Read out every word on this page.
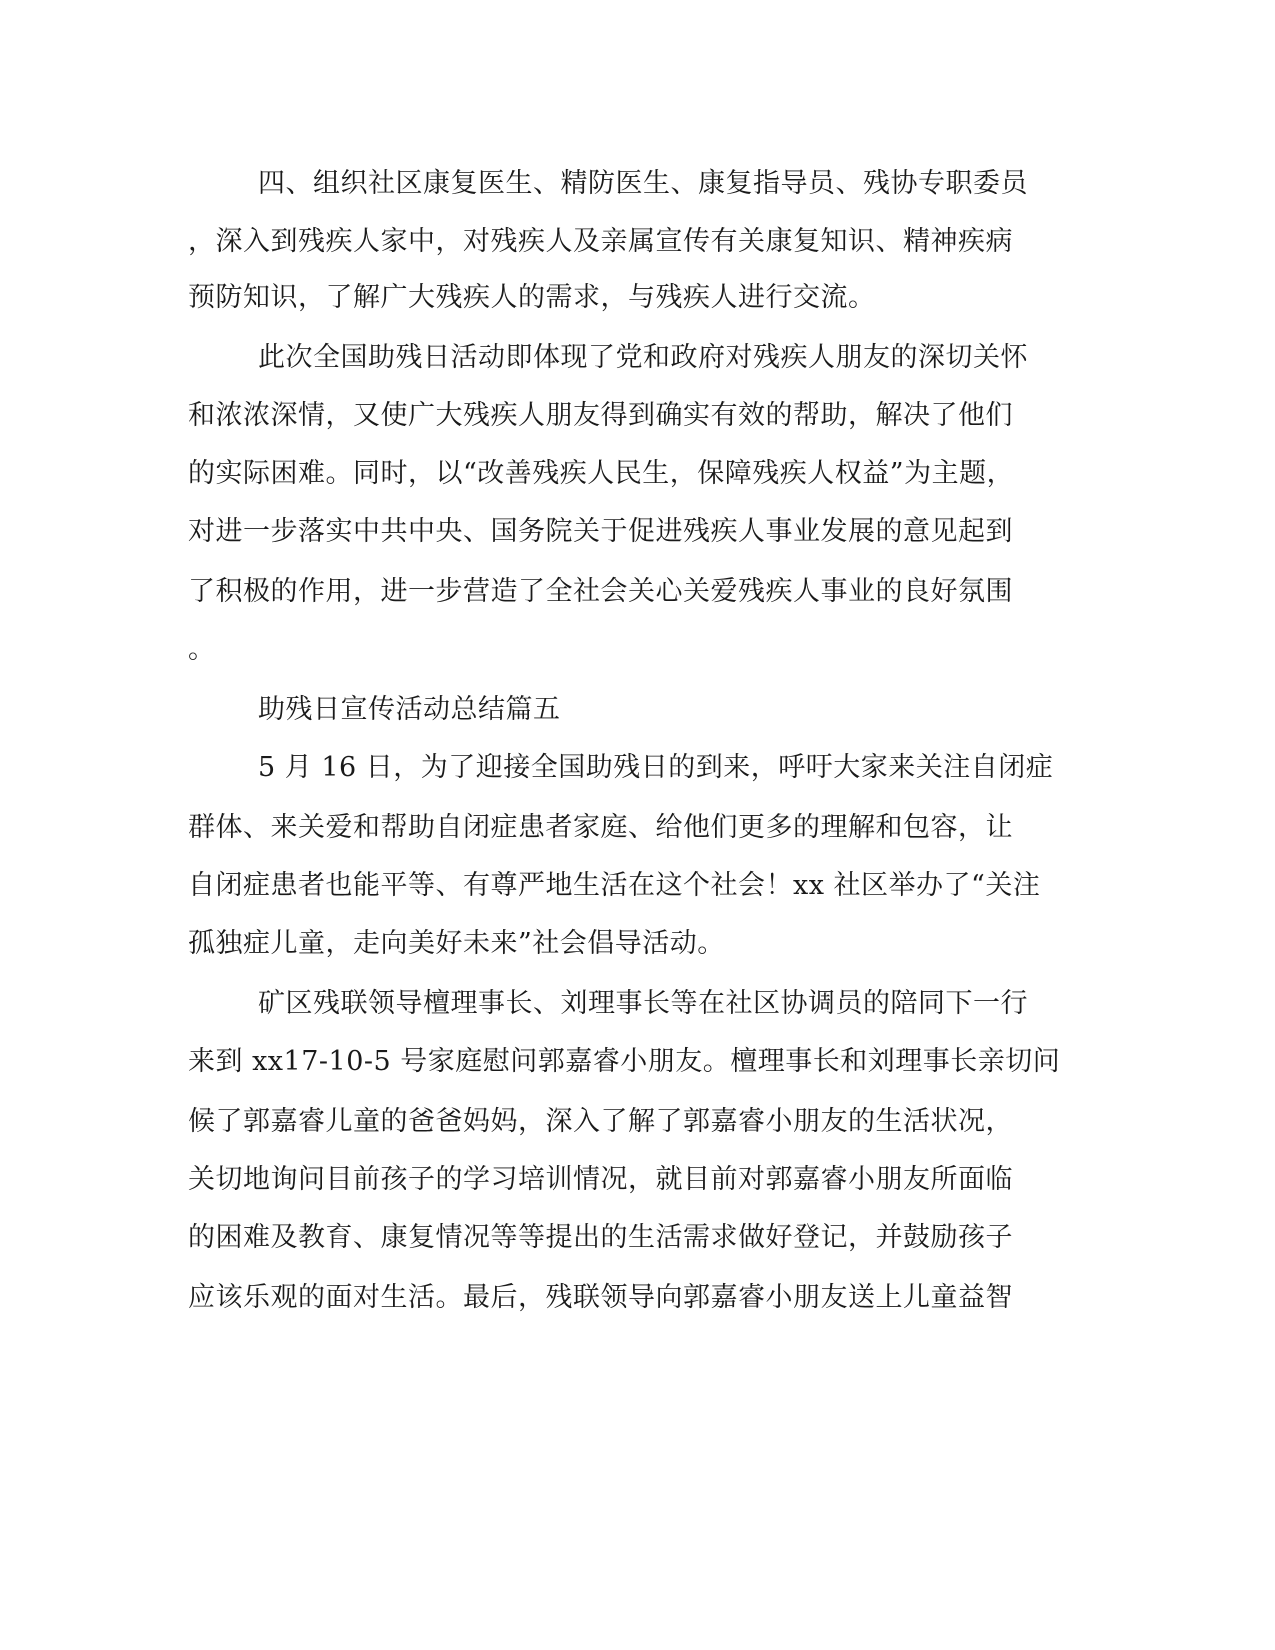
四、组织社区康复医生、精防医生、康复指导员、残协专职委员
，深入到残疾人家中，对残疾人及亲属宣传有关康复知识、精神疾病
预防知识，了解广大残疾人的需求，与残疾人进行交流。
此次全国助残日活动即体现了党和政府对残疾人朋友的深切关怀
和浓浓深情，又使广大残疾人朋友得到确实有效的帮助，解决了他们
的实际困难。同时，以“改善残疾人民生，保障残疾人权益”为主题，
对进一步落实中共中央、国务院关于促进残疾人事业发展的意见起到
了积极的作用，进一步营造了全社会关心关爱残疾人事业的良好氛围
。
助残日宣传活动总结篇五
5 月 16 日，为了迎接全国助残日的到来，呼吁大家来关注自闭症
群体、来关爱和帮助自闭症患者家庭、给他们更多的理解和包容，让
自闭症患者也能平等、有尊严地生活在这个社会！xx 社区举办了“关注
孤独症儿童，走向美好未来”社会倡导活动。
矿区残联领导檀理事长、刘理事长等在社区协调员的陪同下一行
来到 xx17-10-5 号家庭慰问郭嘉睿小朋友。檀理事长和刘理事长亲切问
候了郭嘉睿儿童的爸爸妈妈，深入了解了郭嘉睿小朋友的生活状况，
关切地询问目前孩子的学习培训情况，就目前对郭嘉睿小朋友所面临
的困难及教育、康复情况等等提出的生活需求做好登记，并鼓励孩子
应该乐观的面对生活。最后，残联领导向郭嘉睿小朋友送上儿童益智
